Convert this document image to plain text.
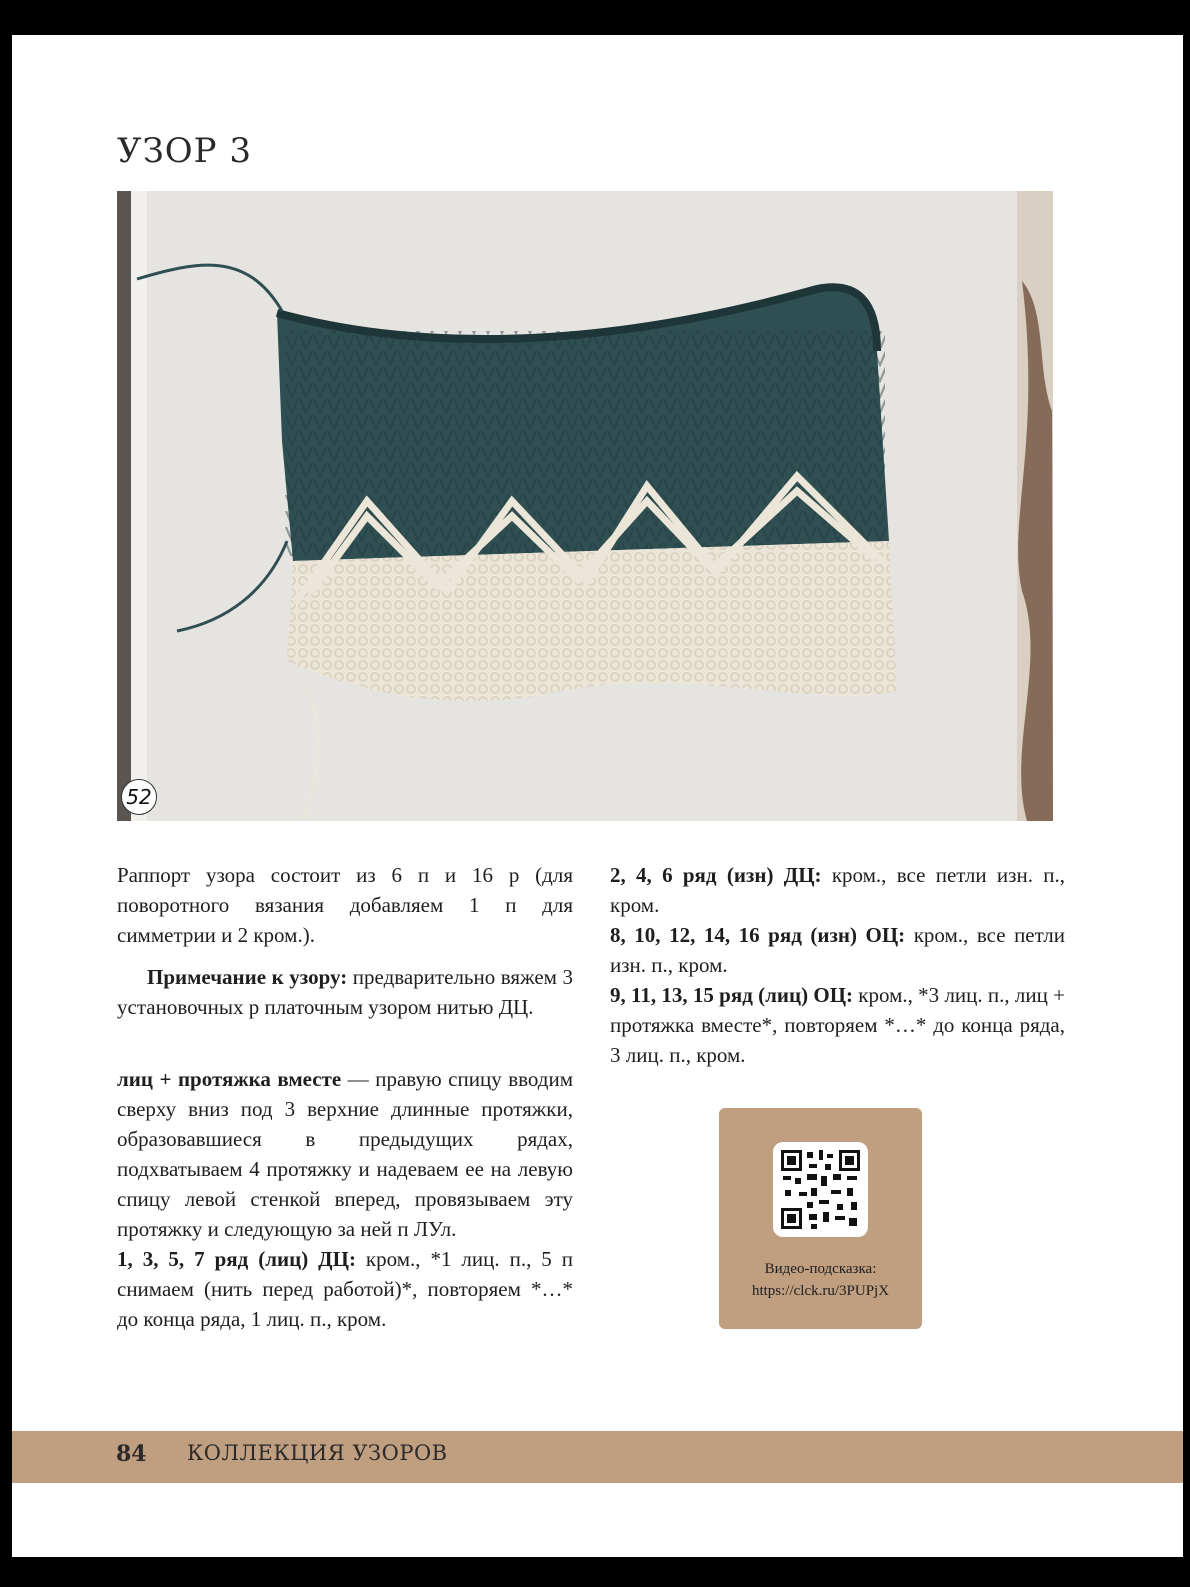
УЗОР 3
52

Раппорт узора состоит из 6 п и 16 р (для поворотного вязания добавляем 1 п для симметрии и 2 кром.).

Примечание к узору: предварительно вяжем 3 установочных р платочным узором нитью ДЦ.

лиц + протяжка вместе — правую спицу вводим сверху вниз под 3 верхние длинные протяжки, образовавшиеся в предыдущих рядах, подхватываем 4 протяжку и надеваем ее на левую спицу левой стенкой вперед, провязываем эту протяжку и следующую за ней п ЛУл.

1, 3, 5, 7 ряд (лиц) ДЦ: кром., *1 лиц. п., 5 п снимаем (нить перед работой)*, повторяем *…* до конца ряда, 1 лиц. п., кром.

2, 4, 6 ряд (изн) ДЦ: кром., все петли изн. п., кром.

8, 10, 12, 14, 16 ряд (изн) ОЦ: кром., все петли изн. п., кром.

9, 11, 13, 15 ряд (лиц) ОЦ: кром., *3 лиц. п., лиц + протяжка вместе*, повторяем *…* до конца ряда, 3 лиц. п., кром.

Видео-подсказка:
https://clck.ru/3PUPjX
84 КОЛЛЕКЦИЯ УЗОРОВ
